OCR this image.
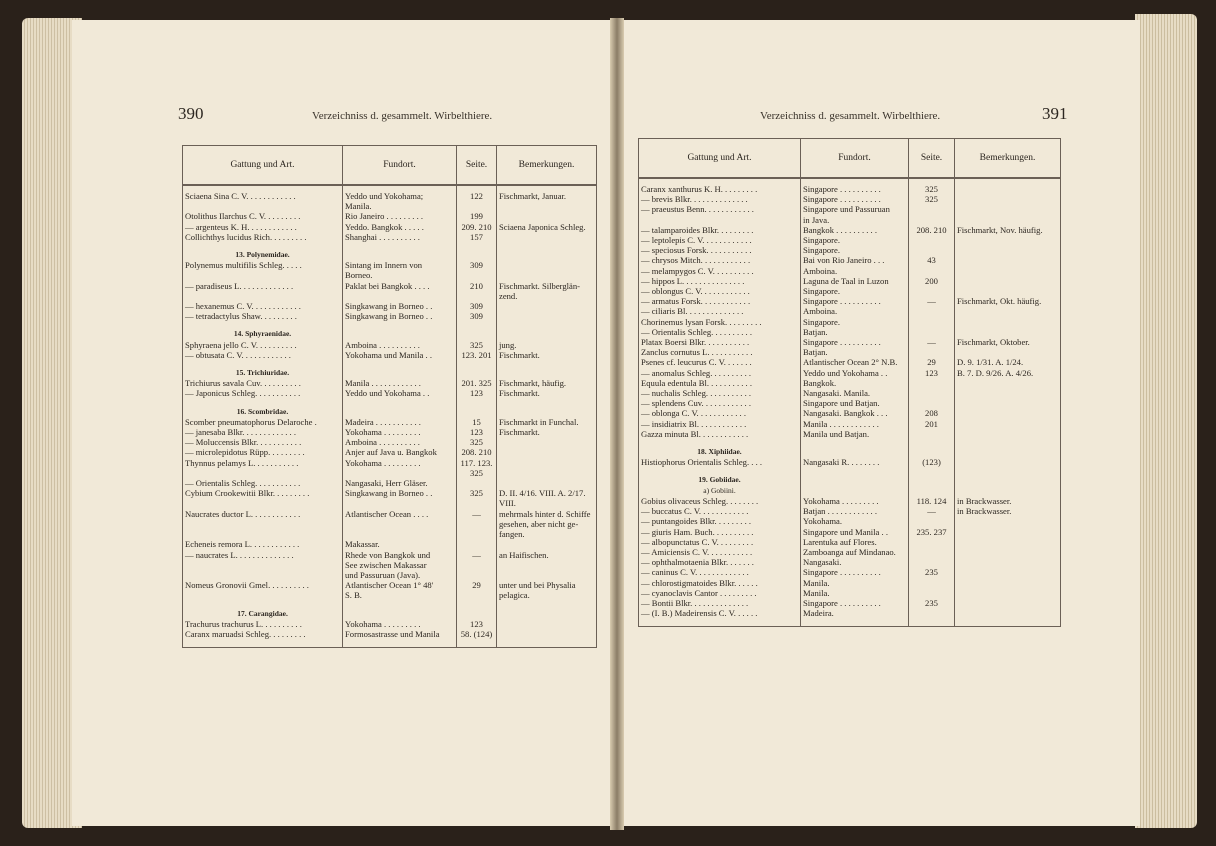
390	Verzeichniss d. gesammelt. Wirbelthiere.
Gattung und Art.	Fundort.	Seite.	Bemerkungen.
Sciaena Sina C. V. . . . . . . . . . . .	Yeddo und Yokohama;	122	Fischmarkt, Januar.
	Manila.		
Otolithus Ilarchus C. V. . . . . . . . .	Rio Janeiro . . . . . . . . .	199	
— argenteus K. H. . . . . . . . . . . .	Yeddo. Bangkok . . . . .	209. 210	Sciaena Japonica Schleg.
Collichthys lucidus Rich. . . . . . . . .	Shanghai . . . . . . . . . .	157	
13. Polynemidae.			
Polynemus multifilis Schleg. . . . .	Sintang im Innern von	309	
	Borneo.		
— paradiseus L. . . . . . . . . . . . .	Paklat bei Bangkok . . . .	210	Fischmarkt. Silberglän-
			zend.
— hexanemus C. V. . . . . . . . . . . .	Singkawang in Borneo . .	309	
— tetradactylus Shaw. . . . . . . . .	Singkawang in Borneo . .	309	
14. Sphyraenidae.			
Sphyraena jello C. V. . . . . . . . . .	Amboina . . . . . . . . . .	325	jung.
— obtusata C. V. . . . . . . . . . . .	Yokohama und Manila . .	123. 201	Fischmarkt.
15. Trichiuridae.			
Trichiurus savala Cuv. . . . . . . . . .	Manila . . . . . . . . . . . .	201. 325	Fischmarkt, häufig.
— Japonicus Schleg. . . . . . . . . . .	Yeddo und Yokohama . .	123	Fischmarkt.
16. Scombridae.			
Scomber pneumatophorus Delaroche .	Madeira . . . . . . . . . . .	15	Fischmarkt in Funchal.
— janesaba Blkr. . . . . . . . . . . . .	Yokohama . . . . . . . . .	123	Fischmarkt.
— Moluccensis Blkr. . . . . . . . . . .	Amboina . . . . . . . . . .	325	
— microlepidotus Rüpp. . . . . . . . .	Anjer auf Java u. Bangkok	208. 210	
Thynnus pelamys L. . . . . . . . . . .	Yokohama . . . . . . . . .	117. 123.	
		325	
— Orientalis Schleg. . . . . . . . . . .	Nangasaki, Herr Gläser.		
Cybium Crookewitii Blkr. . . . . . . . .	Singkawang in Borneo . .	325	D. II. 4/16. VIII. A. 2/17.
			VIII.
Naucrates ductor L. . . . . . . . . . . .	Atlantischer Ocean . . . .	—	mehrmals hinter d. Schiffe
			gesehen, aber nicht ge-
			fangen.
Echeneis remora L. . . . . . . . . . . .	Makassar.		
— naucrates L. . . . . . . . . . . . . .	Rhede von Bangkok und	—	an Haifischen.
	See zwischen Makassar		
	und Passuruan (Java).		
Nomeus Gronovii Gmel. . . . . . . . . .	Atlantischer Ocean 1° 48'	29	unter und bei Physalia
	S. B.		pelagica.
17. Carangidae.			
Trachurus trachurus L. . . . . . . . . .	Yokohama . . . . . . . . .	123	
Caranx maruadsi Schleg. . . . . . . . .	Formosastrasse und Manila	58. (124)	

Verzeichniss d. gesammelt. Wirbelthiere.	391
Gattung und Art.	Fundort.	Seite.	Bemerkungen.
Caranx xanthurus K. H. . . . . . . . .	Singapore . . . . . . . . . .	325	
— brevis Blkr. . . . . . . . . . . . . .	Singapore . . . . . . . . . .	325	
— praeustus Benn. . . . . . . . . . . .	Singapore und Passuruan		
	in Java.		
— talamparoides Blkr. . . . . . . . .	Bangkok . . . . . . . . . .	208. 210	Fischmarkt, Nov. häufig.
— leptolepis C. V. . . . . . . . . . . .	Singapore.		
— speciosus Forsk. . . . . . . . . . .	Singapore.		
— chrysos Mitch. . . . . . . . . . . .	Bai von Rio Janeiro . . .	43	
— melampygos C. V. . . . . . . . . .	Amboina.		
— hippos L. . . . . . . . . . . . . . .	Laguna de Taal in Luzon	200	
— oblongus C. V. . . . . . . . . . . .	Singapore.		
— armatus Forsk. . . . . . . . . . . .	Singapore . . . . . . . . . .	—	Fischmarkt, Okt. häufig.
— ciliaris Bl. . . . . . . . . . . . . .	Amboina.		
Chorinemus lysan Forsk. . . . . . . . .	Singapore.		
— Orientalis Schleg. . . . . . . . . .	Batjan.		
Platax Boersi Blkr. . . . . . . . . . .	Singapore . . . . . . . . . .	—	Fischmarkt, Oktober.
Zanclus cornutus L. . . . . . . . . . .	Batjan.		
Psenes cf. leucurus C. V. . . . . . .	Atlantischer Ocean 2° N.B.	29	D. 9. 1/31. A. 1/24.
— anomalus Schleg. . . . . . . . . .	Yeddo und Yokohama . .	123	B. 7. D. 9/26. A. 4/26.
Equula edentula Bl. . . . . . . . . . .	Bangkok.		
— nuchalis Schleg. . . . . . . . . . .	Nangasaki. Manila.		
— splendens Cuv. . . . . . . . . . . .	Singapore und Batjan.		
— oblonga C. V. . . . . . . . . . . .	Nangasaki. Bangkok . . .	208	
— insidiatrix Bl. . . . . . . . . . . .	Manila . . . . . . . . . . . .	201	
Gazza minuta Bl. . . . . . . . . . . .	Manila und Batjan.		
18. Xiphiidae.			
Histiophorus Orientalis Schleg. . . .	Nangasaki R. . . . . . . .	(123)	
19. Gobiidae.			
a) Gobiini.			
Gobius olivaceus Schleg. . . . . . . .	Yokohama . . . . . . . . .	118. 124	in Brackwasser.
— buccatus C. V. . . . . . . . . . . .	Batjan . . . . . . . . . . . .	—	in Brackwasser.
— puntangoides Blkr. . . . . . . . .	Yokohama.		
— giuris Ham. Buch. . . . . . . . . .	Singapore und Manila . .	235. 237	
— albopunctatus C. V. . . . . . . . .	Larentuka auf Flores.		
— Amiciensis C. V. . . . . . . . . . .	Zamboanga auf Mindanao.		
— ophthalmotaenia Blkr. . . . . . .	Nangasaki.		
— caninus C. V. . . . . . . . . . . . .	Singapore . . . . . . . . . .	235	
— chlorostigmatoides Blkr. . . . . .	Manila.		
— cyanoclavis Cantor . . . . . . . . .	Manila.		
— Bontii Blkr. . . . . . . . . . . . . .	Singapore . . . . . . . . . .	235	
— (I. B.) Madeirensis C. V. . . . . .	Madeira.		
